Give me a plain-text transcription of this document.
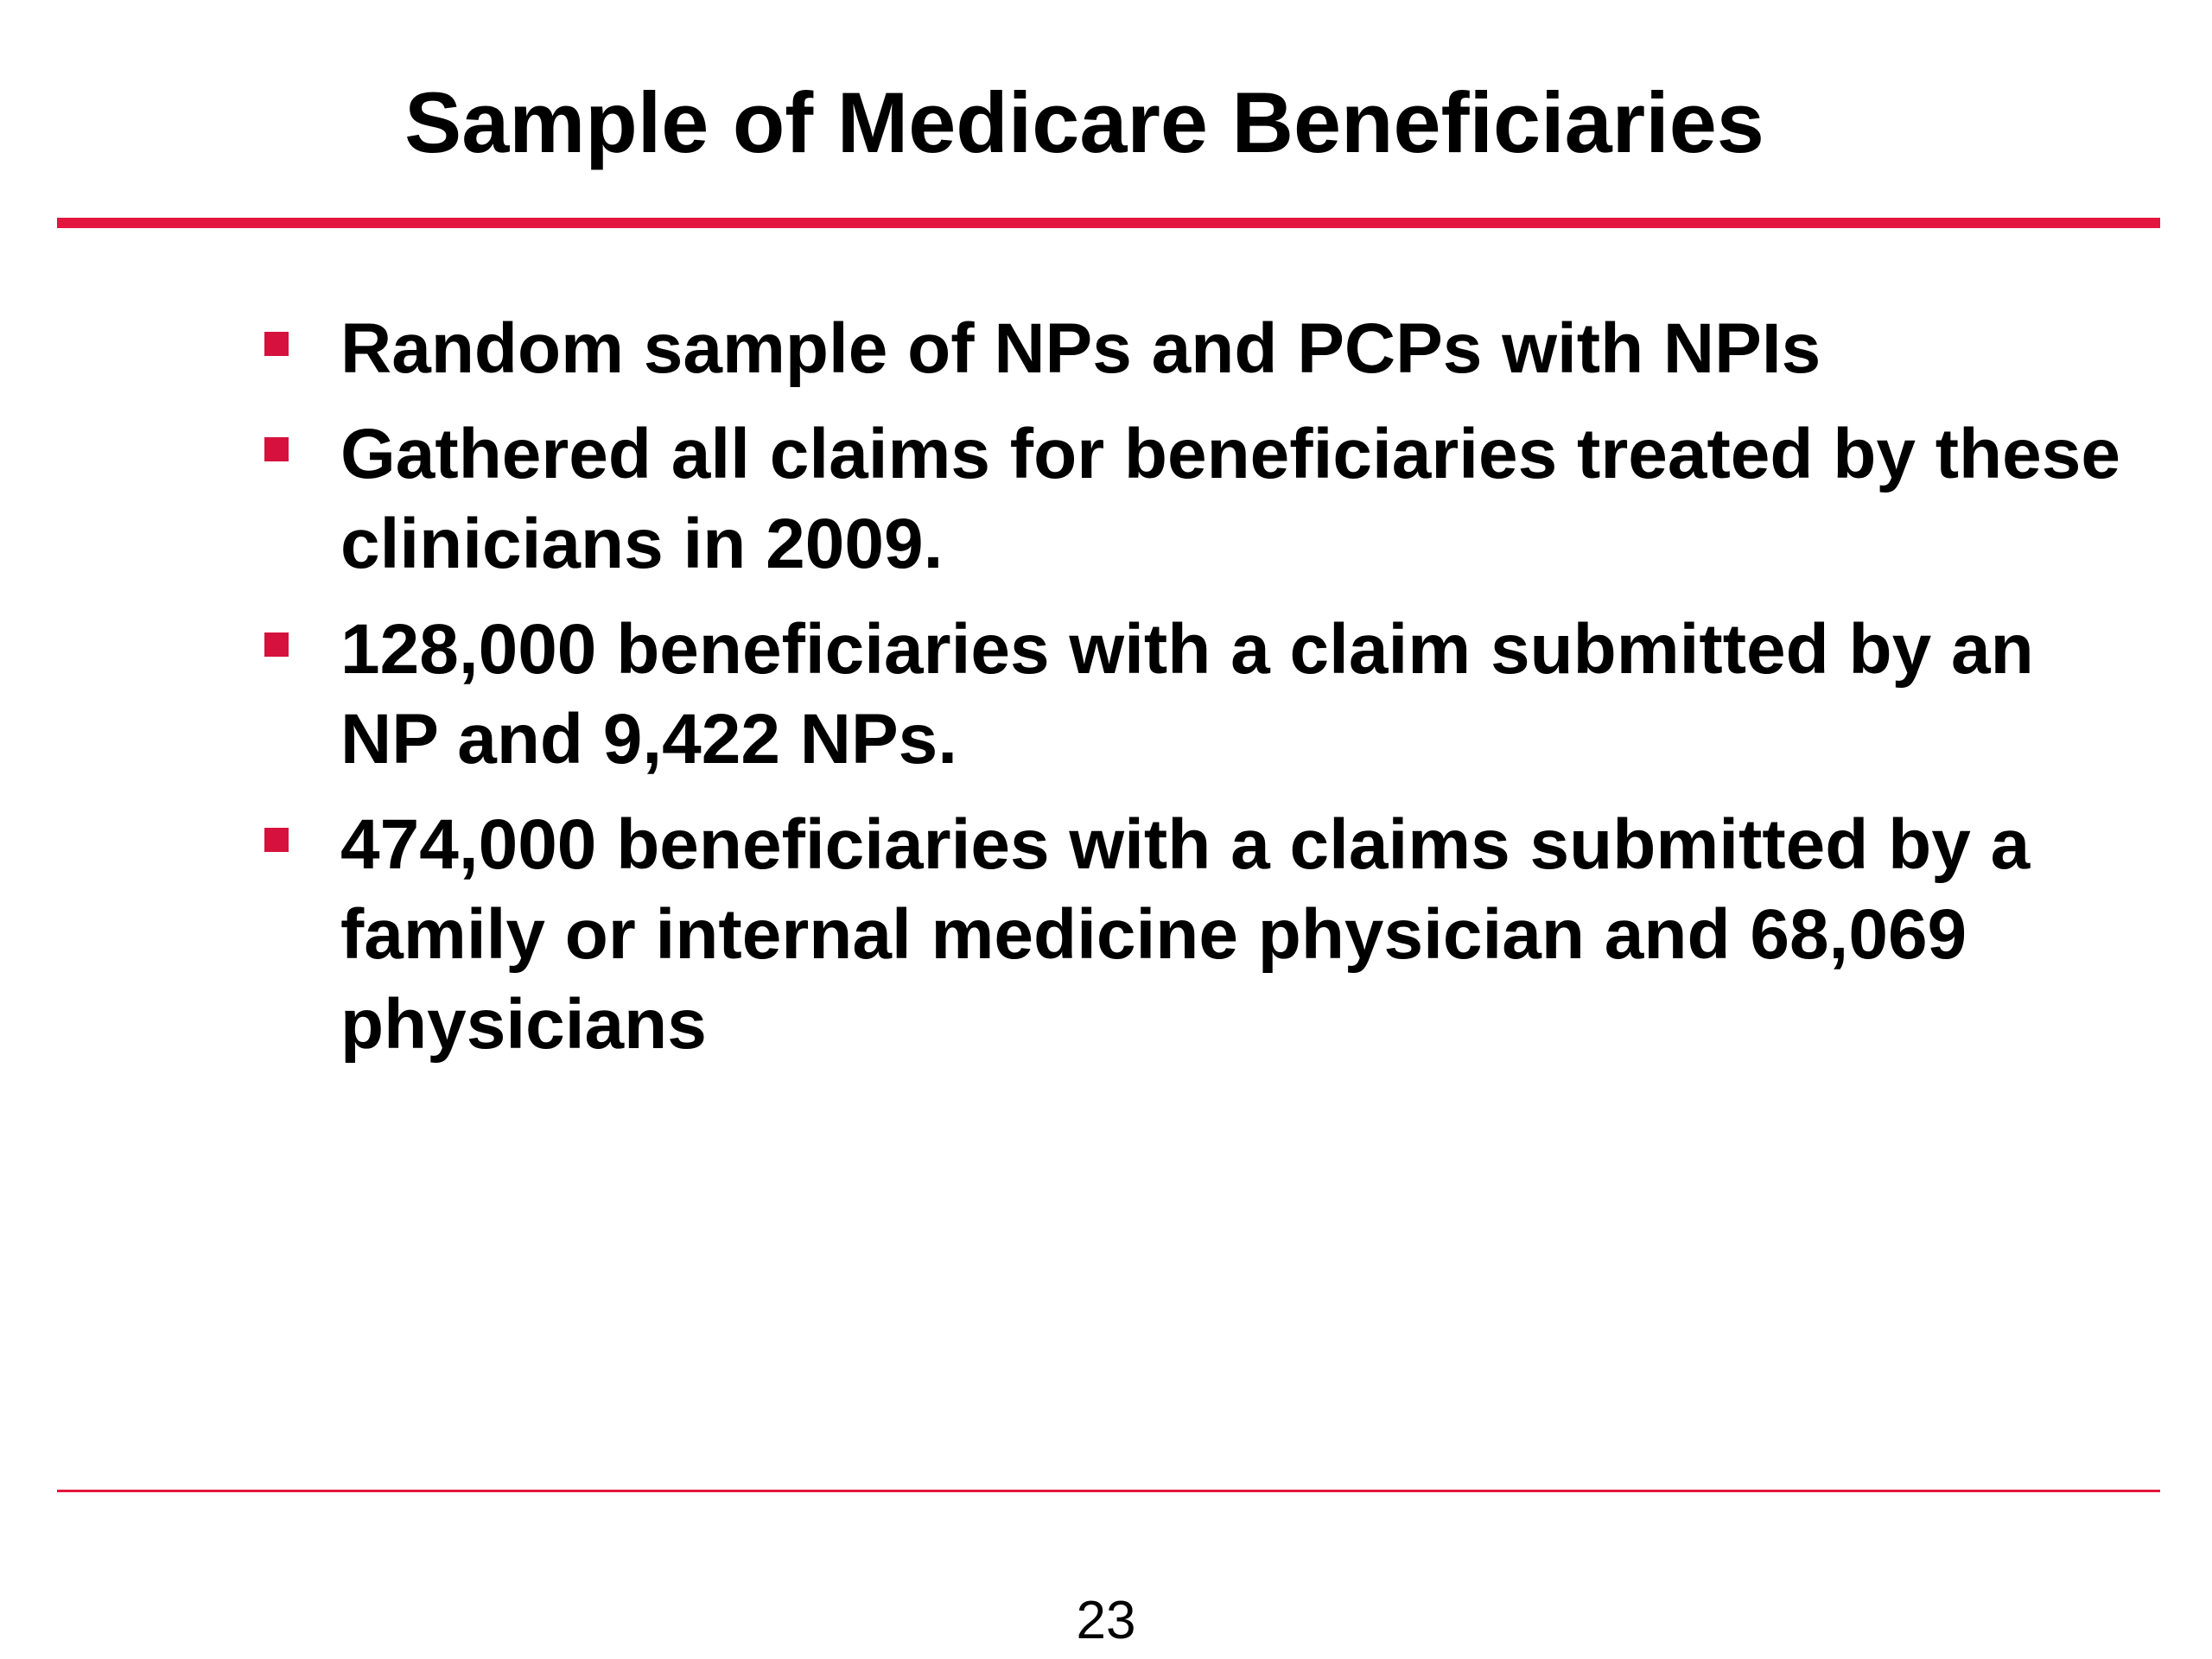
Sample of Medicare Beneficiaries
Random sample of NPs and PCPs with NPIs
Gathered all claims for beneficiaries treated by these clinicians in 2009.
128,000 beneficiaries with a claim submitted by an NP and 9,422 NPs.
474,000 beneficiaries with a claims submitted by a family or internal medicine physician and 68,069 physicians
23
